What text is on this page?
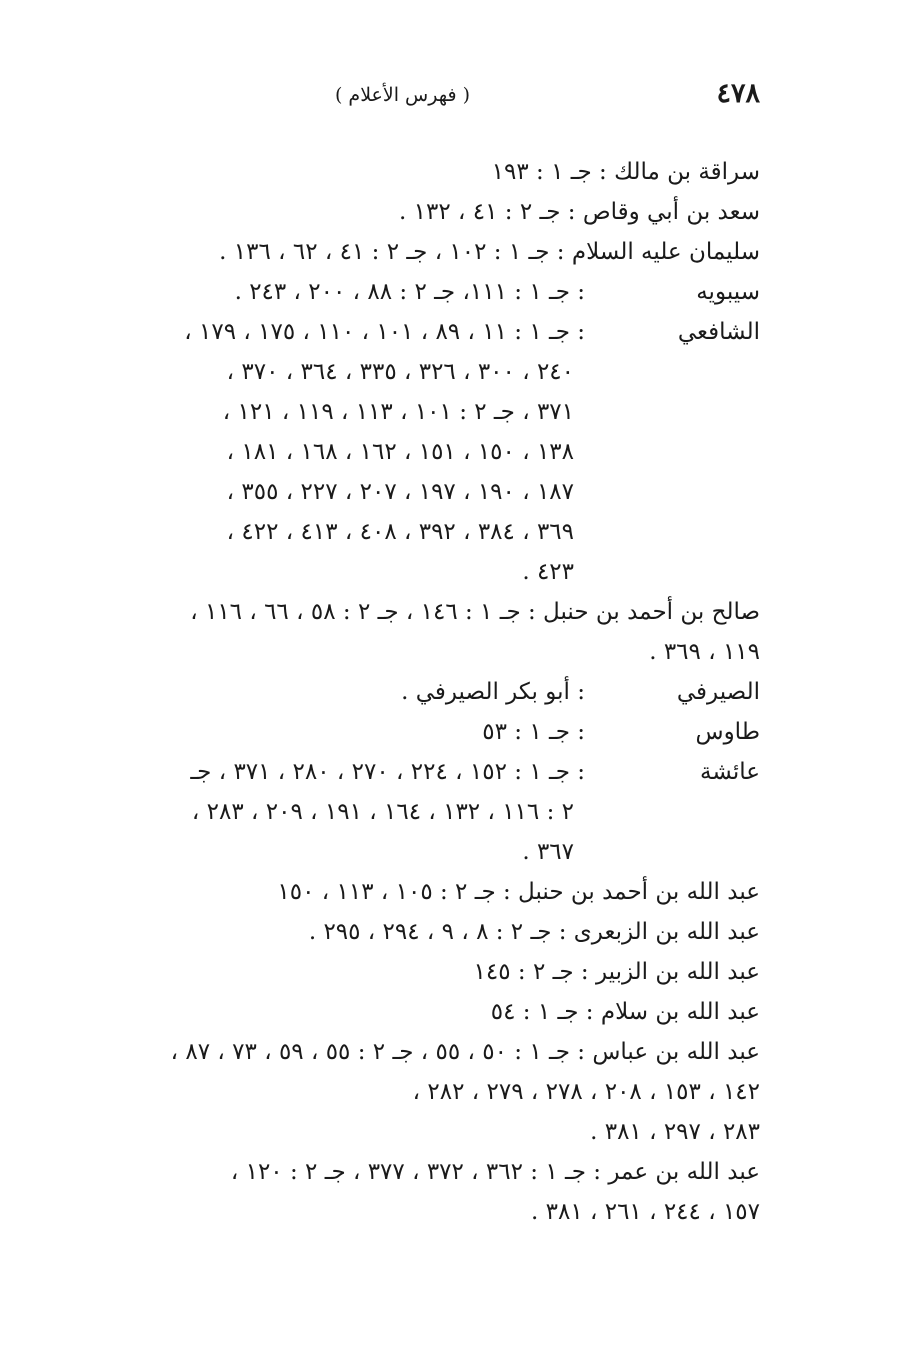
٤٧٨
( فهرس الأعلام )
سراقة بن مالك : جـ ١ : ١٩٣
سعد بن أبي وقاص : جـ ٢ : ٤١ ، ١٣٢ .
سليمان عليه السلام : جـ ١ : ١٠٢ ، جـ ٢ : ٤١ ، ٦٢ ، ١٣٦ .
سيبويه: جـ ١ : ١١١، جـ ٢ : ٨٨ ، ٢٠٠ ، ٢٤٣ .
الشافعي: جـ ١ : ١١ ، ٨٩ ، ١٠١ ، ١١٠ ، ١٧٥ ، ١٧٩ ،
٢٤٠ ، ٣٠٠ ، ٣٢٦ ، ٣٣٥ ، ٣٦٤ ، ٣٧٠ ،
٣٧١ ، جـ ٢ : ١٠١ ، ١١٣ ، ١١٩ ، ١٢١ ،
١٣٨ ، ١٥٠ ، ١٥١ ، ١٦٢ ، ١٦٨ ، ١٨١ ،
١٨٧ ، ١٩٠ ، ١٩٧ ، ٢٠٧ ، ٢٢٧ ، ٣٥٥ ،
٣٦٩ ، ٣٨٤ ، ٣٩٢ ، ٤٠٨ ، ٤١٣ ، ٤٢٢ ،
٤٢٣ .
صالح بن أحمد بن حنبل : جـ ١ : ١٤٦ ، جـ ٢ : ٥٨ ، ٦٦ ، ١١٦ ،
١١٩ ، ٣٦٩ .
الصيرفي: أبو بكر الصيرفي .
طاوس: جـ ١ : ٥٣
عائشة: جـ ١ : ١٥٢ ، ٢٢٤ ، ٢٧٠ ، ٢٨٠ ، ٣٧١ ، جـ
٢ : ١١٦ ، ١٣٢ ، ١٦٤ ، ١٩١ ، ٢٠٩ ، ٢٨٣ ،
٣٦٧ .
عبد الله بن أحمد بن حنبل : جـ ٢ : ١٠٥ ، ١١٣ ، ١٥٠
عبد الله بن الزبعرى : جـ ٢ : ٨ ، ٩ ، ٢٩٤ ، ٢٩٥ .
عبد الله بن الزبير : جـ ٢ : ١٤٥
عبد الله بن سلام : جـ ١ : ٥٤
عبد الله بن عباس : جـ ١ : ٥٠ ، ٥٥ ، جـ ٢ : ٥٥ ، ٥٩ ، ٧٣ ، ٨٧ ،
١٤٢ ، ١٥٣ ، ٢٠٨ ، ٢٧٨ ، ٢٧٩ ، ٢٨٢ ،
٢٨٣ ، ٢٩٧ ، ٣٨١ .
عبد الله بن عمر : جـ ١ : ٣٦٢ ، ٣٧٢ ، ٣٧٧ ، جـ ٢ : ١٢٠ ،
١٥٧ ، ٢٤٤ ، ٢٦١ ، ٣٨١ .
